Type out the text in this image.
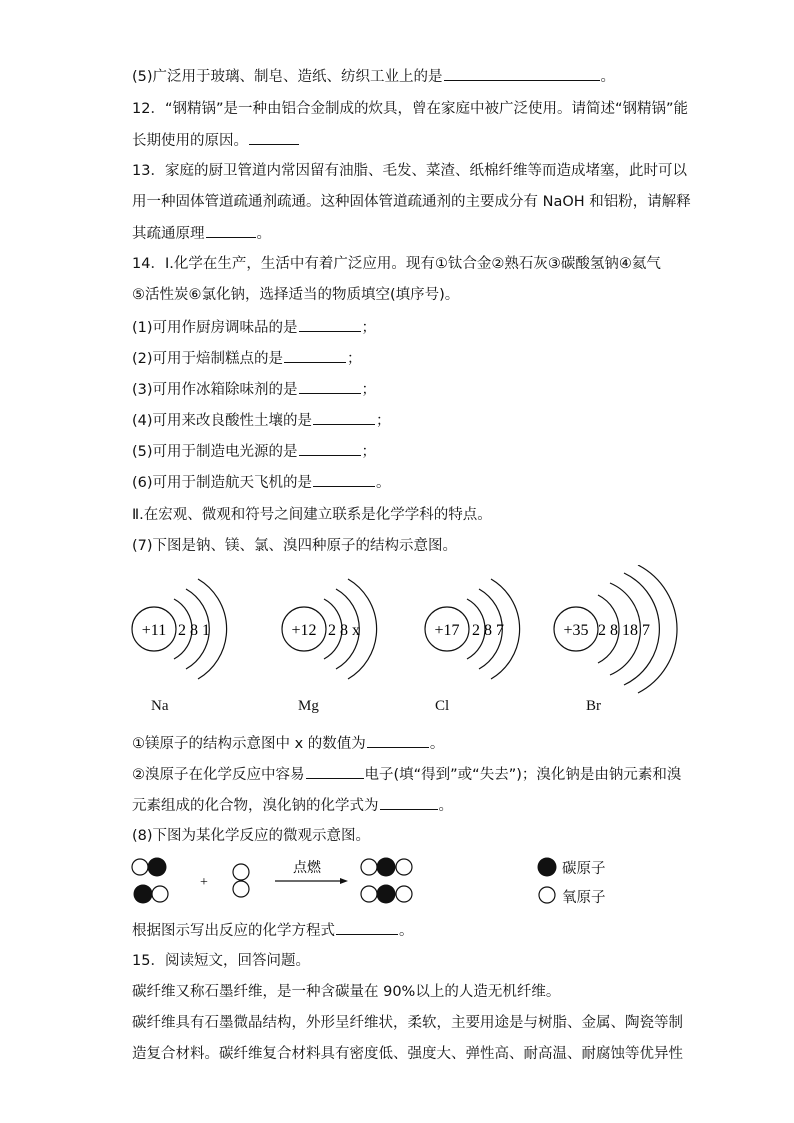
(5)广泛用于玻璃、制皂、造纸、纺织工业上的是	。
12．“钢精锅”是一种由铝合金制成的炊具，曾在家庭中被广泛使用。请简述“钢精锅”能
长期使用的原因。
13．家庭的厨卫管道内常因留有油脂、毛发、菜渣、纸棉纤维等而造成堵塞，此时可以
用一种固体管道疏通剂疏通。这种固体管道疏通剂的主要成分有 NaOH 和铝粉，请解释
其疏通原理	。
14．Ⅰ.化学在生产，生活中有着广泛应用。现有①钛合金②熟石灰③碳酸氢钠④氦气
⑤活性炭⑥氯化钠，选择适当的物质填空(填序号)。
(1)可用作厨房调味品的是	；
(2)可用于焙制糕点的是	；
(3)可用作冰箱除味剂的是	；
(4)可用来改良酸性土壤的是	；
(5)可用于制造电光源的是	；
(6)可用于制造航天飞机的是	。
Ⅱ.在宏观、微观和符号之间建立联系是化学学科的特点。
(7)下图是钠、镁、氯、溴四种原子的结构示意图。
+11 2 8 1	+12 2 8 x	+17 2 8 7	+35 2 8 18 7
Na	Mg	Cl	Br
①镁原子的结构示意图中 x 的数值为	。
②溴原子在化学反应中容易	电子(填“得到”或“失去”)；溴化钠是由钠元素和溴
元素组成的化合物，溴化钠的化学式为	。
(8)下图为某化学反应的微观示意图。
+
点燃	碳原子
氧原子
根据图示写出反应的化学方程式	。
15．阅读短文，回答问题。
碳纤维又称石墨纤维，是一种含碳量在 90%以上的人造无机纤维。
碳纤维具有石墨微晶结构，外形呈纤维状，柔软，主要用途是与树脂、金属、陶瓷等制
造复合材料。碳纤维复合材料具有密度低、强度大、弹性高、耐高温、耐腐蚀等优异性
